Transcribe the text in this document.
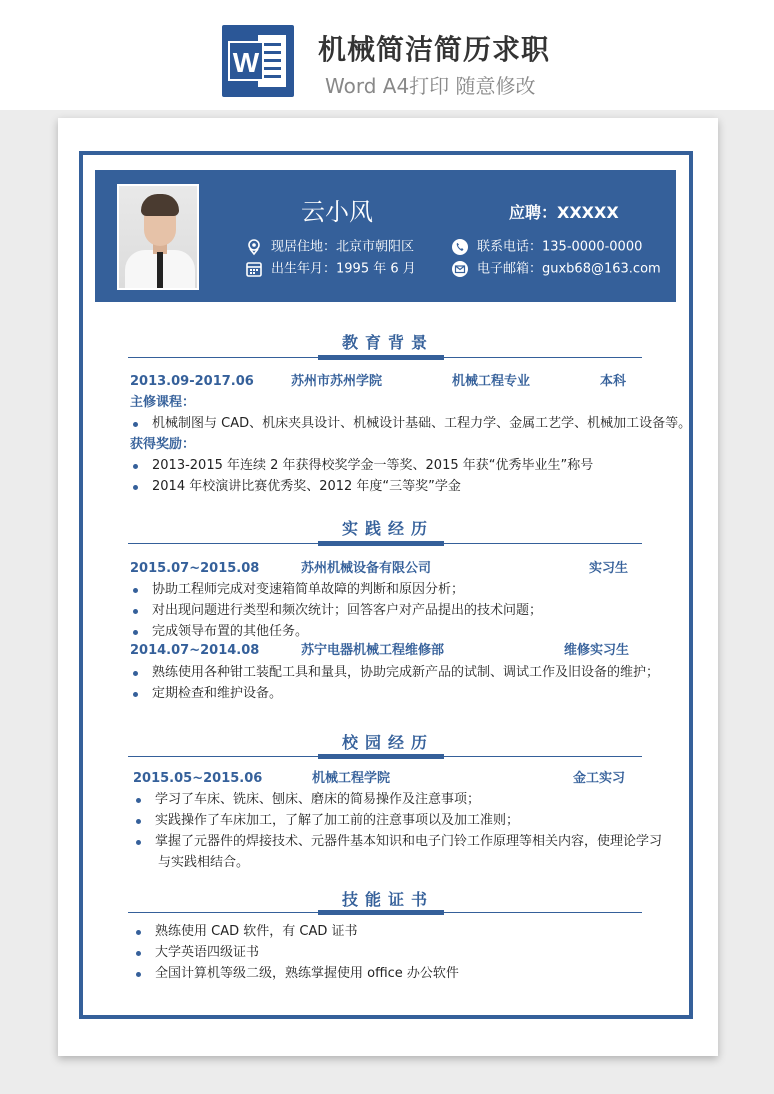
W 机械简洁简历求职
Word A4打印 随意修改
云小风	应聘：XXXXX
现居住地：北京市朝阳区
出生年月：1995 年 6 月
联系电话：135-0000-0000
电子邮箱：guxb68@163.com
教育背景
2013.09-2017.06	苏州市苏州学院	机械工程专业	本科
主修课程：
机械制图与 CAD、机床夹具设计、机械设计基础、工程力学、金属工艺学、机械加工设备等。
获得奖励：
2013-2015 年连续 2 年获得校奖学金一等奖、2015 年获“优秀毕业生”称号
2014 年校演讲比赛优秀奖、2012 年度“三等奖”学金
实践经历
2015.07~2015.08	苏州机械设备有限公司	实习生
协助工程师完成对变速箱简单故障的判断和原因分析；
对出现问题进行类型和频次统计；回答客户对产品提出的技术问题；
完成领导布置的其他任务。
2014.07~2014.08	苏宁电器机械工程维修部	维修实习生
熟练使用各种钳工装配工具和量具，协助完成新产品的试制、调试工作及旧设备的维护；
定期检查和维护设备。
校园经历
2015.05~2015.06	机械工程学院	金工实习
学习了车床、铣床、刨床、磨床的简易操作及注意事项；
实践操作了车床加工，了解了加工前的注意事项以及加工准则；
掌握了元器件的焊接技术、元器件基本知识和电子门铃工作原理等相关内容，使理论学习
与实践相结合。
技能证书
熟练使用 CAD 软件，有 CAD 证书
大学英语四级证书
全国计算机等级二级，熟练掌握使用 office 办公软件
